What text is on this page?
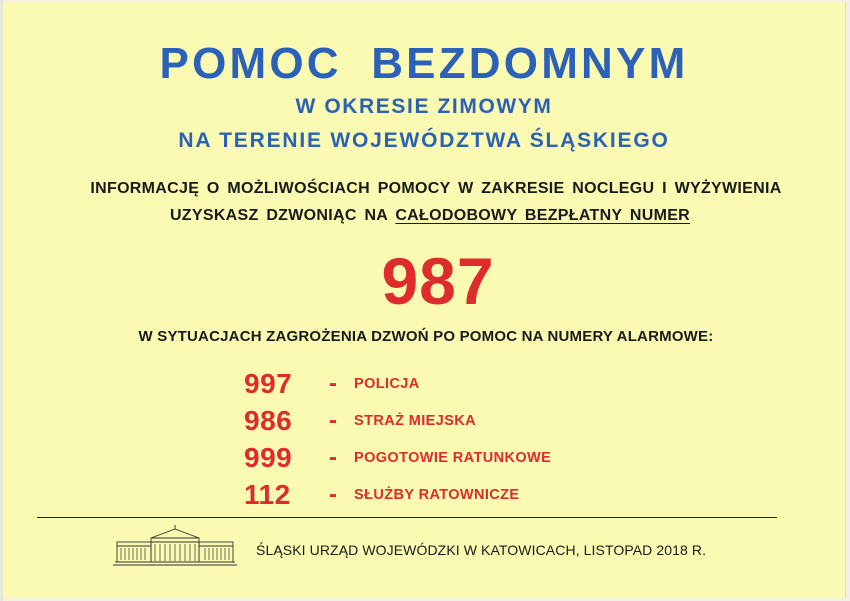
POMOC BEZDOMNYM
W OKRESIE ZIMOWYM
NA TERENIE WOJEWÓDZTWA ŚLĄSKIEGO
INFORMACJĘ O MOŻLIWOŚCIACH POMOCY W ZAKRESIE NOCLEGU I WYŻYWIENIA
UZYSKASZ DZWONIĄC NA CAŁODOBOWY BEZPŁATNY NUMER
987
W SYTUACJACH ZAGROŻENIA DZWOŃ PO POMOC NA NUMERY ALARMOWE:
997	-	POLICJA
986	-	STRAŻ MIEJSKA
999	-	POGOTOWIE RATUNKOWE
112	-	SŁUŻBY RATOWNICZE
ŚLĄSKI URZĄD WOJEWÓDZKI W KATOWICACH, LISTOPAD 2018 R.
